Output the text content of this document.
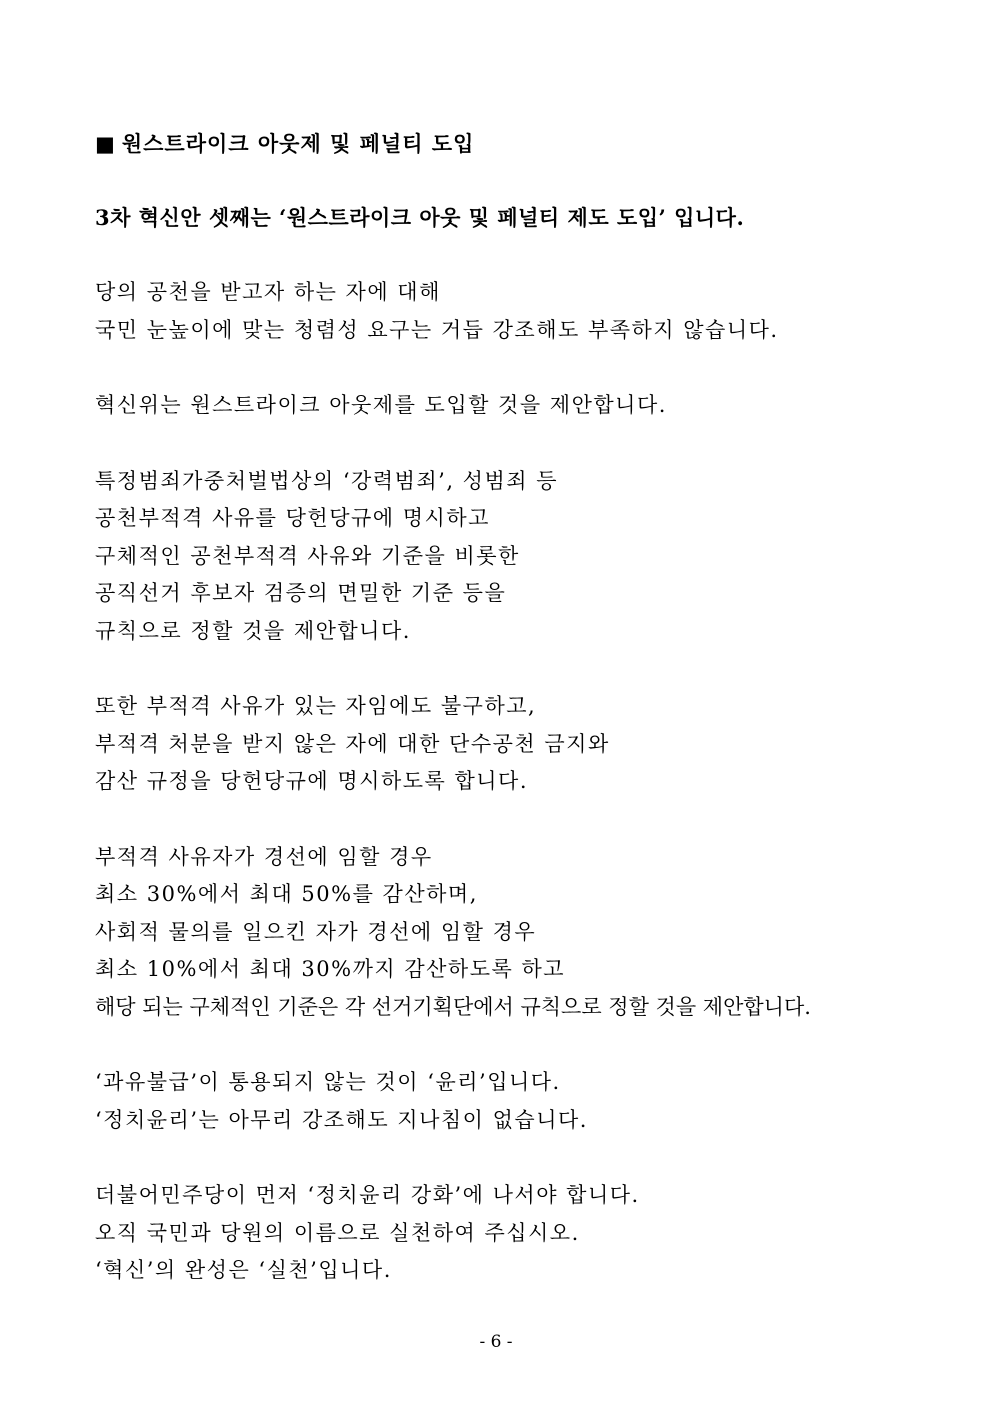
■ 원스트라이크 아웃제 및 페널티 도입
3차 혁신안 셋째는 ‘원스트라이크 아웃 및 페널티 제도 도입’ 입니다.
당의 공천을 받고자 하는 자에 대해
국민 눈높이에 맞는 청렴성 요구는 거듭 강조해도 부족하지 않습니다.
혁신위는 원스트라이크 아웃제를 도입할 것을 제안합니다.
특정범죄가중처벌법상의 ‘강력범죄’, 성범죄 등
공천부적격 사유를 당헌당규에 명시하고
구체적인 공천부적격 사유와 기준을 비롯한
공직선거 후보자 검증의 면밀한 기준 등을
규칙으로 정할 것을 제안합니다.
또한 부적격 사유가 있는 자임에도 불구하고,
부적격 처분을 받지 않은 자에 대한 단수공천 금지와
감산 규정을 당헌당규에 명시하도록 합니다.
부적격 사유자가 경선에 임할 경우
최소 30%에서 최대 50%를 감산하며,
사회적 물의를 일으킨 자가 경선에 임할 경우
최소 10%에서 최대 30%까지 감산하도록 하고
해당 되는 구체적인 기준은 각 선거기획단에서 규칙으로 정할 것을 제안합니다.
‘과유불급’이 통용되지 않는 것이 ‘윤리’입니다.
‘정치윤리’는 아무리 강조해도 지나침이 없습니다.
더불어민주당이 먼저 ‘정치윤리 강화’에 나서야 합니다.
오직 국민과 당원의 이름으로 실천하여 주십시오.
‘혁신’의 완성은 ‘실천’입니다.
- 6 -
